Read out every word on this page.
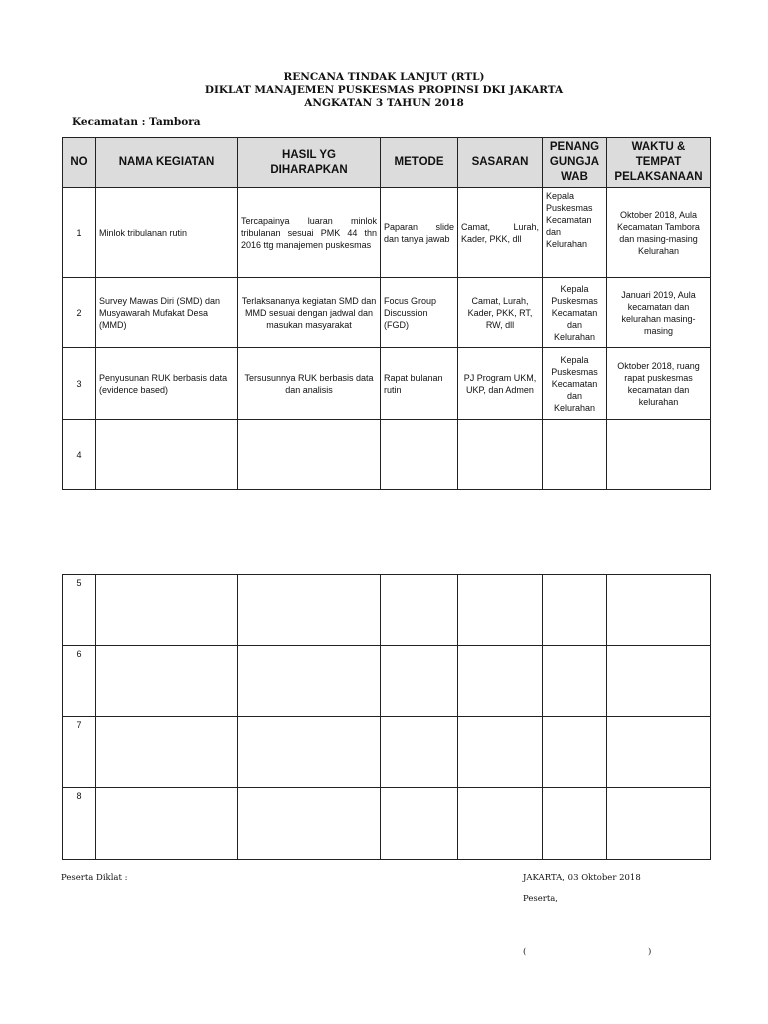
RENCANA TINDAK LANJUT (RTL)
DIKLAT MANAJEMEN PUSKESMAS PROPINSI DKI JAKARTA
ANGKATAN 3 TAHUN 2018
Kecamatan : Tambora
NO	NAMA KEGIATAN	HASIL YG DIHARAPKAN	METODE	SASARAN	PENANG GUNGJA WAB	WAKTU & TEMPAT PELAKSANAAN
1	Minlok tribulanan rutin	Tercapainya luaran minlok tribulanan sesuai PMK 44 thn 2016 ttg manajemen puskesmas	Paparan slide dan tanya jawab	Camat, Lurah, Kader, PKK, dll	Kepala Puskesmas Kecamatan dan Kelurahan	Oktober 2018, Aula Kecamatan Tambora dan masing-masing Kelurahan
2	Survey Mawas Diri (SMD) dan Musyawarah Mufakat Desa (MMD)	Terlaksananya kegiatan SMD dan MMD sesuai dengan jadwal dan masukan masyarakat	Focus Group Discussion (FGD)	Camat, Lurah, Kader, PKK, RT, RW, dll	Kepala Puskesmas Kecamatan dan Kelurahan	Januari 2019, Aula kecamatan dan kelurahan masing-masing
3	Penyusunan RUK berbasis data (evidence based)	Tersusunnya RUK berbasis data dan analisis	Rapat bulanan rutin	PJ Program UKM, UKP, dan Admen	Kepala Puskesmas Kecamatan dan Kelurahan	Oktober 2018, ruang rapat puskesmas kecamatan dan kelurahan
4						
5						
6						
7						
8						
Peserta Diklat :	JAKARTA, 03 Oktober 2018
Peserta,
(	)
